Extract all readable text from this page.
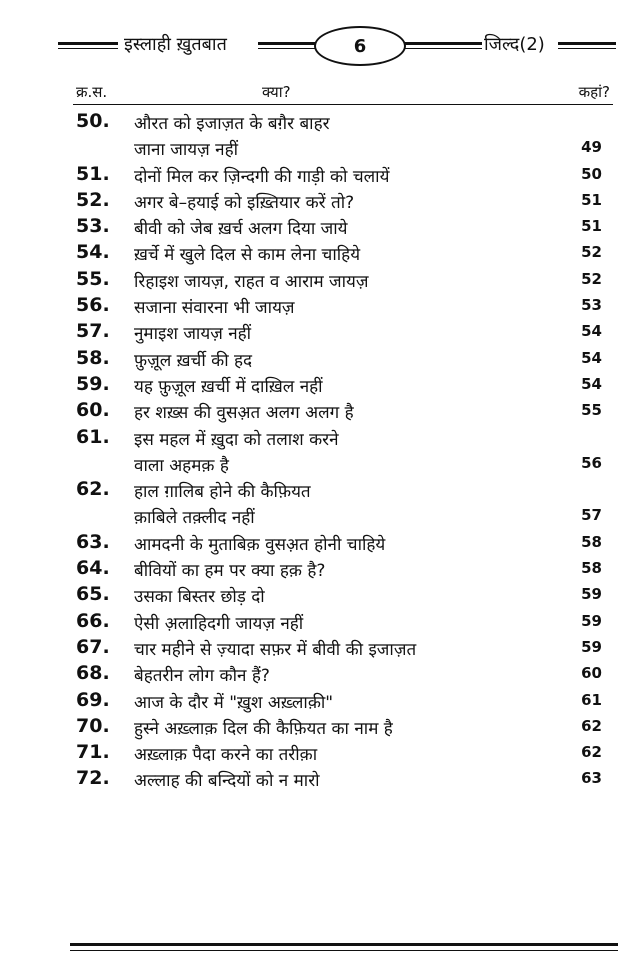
इस्लाही ख़ुतबात	6	जिल्द(2)
क्र.स.	क्या?	कहां?
50. औरत को इजाज़त के बग़ैर बाहर
जाना जायज़ नहीं	49
51. दोनों मिल कर ज़िन्दगी की गाड़ी को चलायें	50
52. अगर बे–हयाई को इख़्तियार करें तो?	51
53. बीवी को जेब ख़र्च अलग दिया जाये	51
54. ख़र्चे में खुले दिल से काम लेना चाहिये	52
55. रिहाइश जायज़, राहत व आराम जायज़	52
56. सजाना संवारना भी जायज़	53
57. नुमाइश जायज़ नहीं	54
58. फ़ुज़ूल ख़र्ची की हद	54
59. यह फ़ुज़ूल ख़र्ची में दाख़िल नहीं	54
60. हर शख़्स की वुसअ़त अलग अलग है	55
61. इस महल में ख़ुदा को तलाश करने
वाला अहमक़ है	56
62. हाल ग़ालिब होने की कैफ़ियत
क़ाबिले तक़्लीद नहीं	57
63. आमदनी के मुताबिक़ वुसअ़त होनी चाहिये	58
64. बीवियों का हम पर क्या हक़ है?	58
65. उसका बिस्तर छोड़ दो	59
66. ऐसी अ़लाहिदगी जायज़ नहीं	59
67. चार महीने से ज़्यादा सफ़र में बीवी की इजाज़त	59
68. बेहतरीन लोग कौन हैं?	60
69. आज के दौर में "ख़ुश अख़्लाक़ी"	61
70. हुस्ने अख़्लाक़ दिल की कैफ़ियत का नाम है	62
71. अख़्लाक़ पैदा करने का तरीक़ा	62
72. अल्लाह की बन्दियों को न मारो	63
